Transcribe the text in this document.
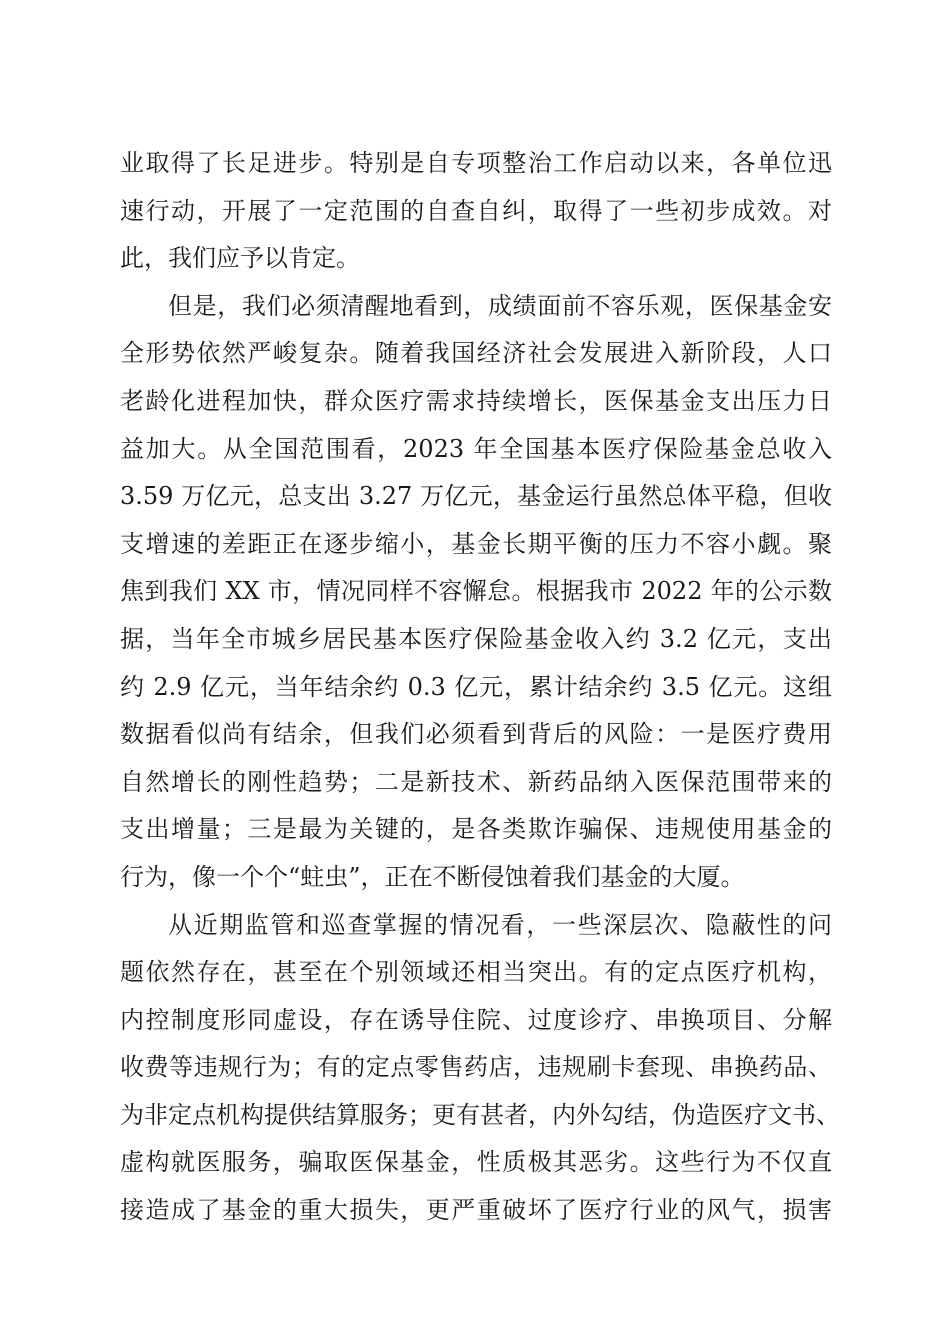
业取得了长足进步。特别是自专项整治工作启动以来，各单位迅
速行动，开展了一定范围的自查自纠，取得了一些初步成效。对
此，我们应予以肯定。
但是，我们必须清醒地看到，成绩面前不容乐观，医保基金安
全形势依然严峻复杂。随着我国经济社会发展进入新阶段，人口
老龄化进程加快，群众医疗需求持续增长，医保基金支出压力日
益加大。从全国范围看，2023 年全国基本医疗保险基金总收入
3.59 万亿元，总支出 3.27 万亿元，基金运行虽然总体平稳，但收
支增速的差距正在逐步缩小，基金长期平衡的压力不容小觑。聚
焦到我们 XX 市，情况同样不容懈怠。根据我市 2022 年的公示数
据，当年全市城乡居民基本医疗保险基金收入约 3.2 亿元，支出
约 2.9 亿元，当年结余约 0.3 亿元，累计结余约 3.5 亿元。这组
数据看似尚有结余，但我们必须看到背后的风险：一是医疗费用
自然增长的刚性趋势；二是新技术、新药品纳入医保范围带来的
支出增量；三是最为关键的，是各类欺诈骗保、违规使用基金的
行为，像一个个“蛀虫”，正在不断侵蚀着我们基金的大厦。
从近期监管和巡查掌握的情况看，一些深层次、隐蔽性的问
题依然存在，甚至在个别领域还相当突出。有的定点医疗机构，
内控制度形同虚设，存在诱导住院、过度诊疗、串换项目、分解
收费等违规行为；有的定点零售药店，违规刷卡套现、串换药品、
为非定点机构提供结算服务；更有甚者，内外勾结，伪造医疗文书、
虚构就医服务，骗取医保基金，性质极其恶劣。这些行为不仅直
接造成了基金的重大损失，更严重破坏了医疗行业的风气，损害
